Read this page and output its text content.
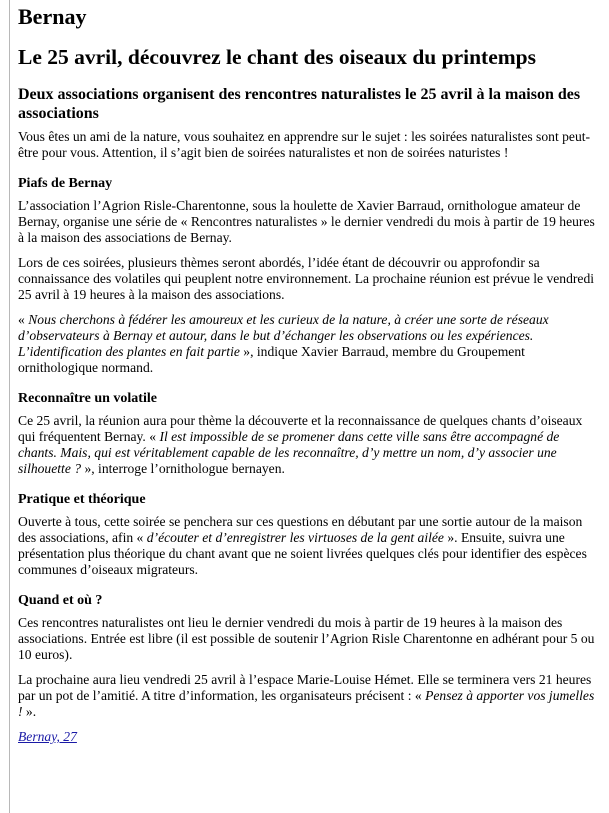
Bernay
Le 25 avril, découvrez le chant des oiseaux du printemps
Deux associations organisent des rencontres naturalistes le 25 avril à la maison des associations

Vous êtes un ami de la nature, vous souhaitez en apprendre sur le sujet : les soirées naturalistes sont peut-être pour vous. Attention, il s’agit bien de soirées naturalistes et non de soirées naturistes !

Piafs de Bernay

L’association l’Agrion Risle-Charentonne, sous la houlette de Xavier Barraud, ornithologue amateur de Bernay, organise une série de « Rencontres naturalistes » le dernier vendredi du mois à partir de 19 heures à la maison des associations de Bernay.

Lors de ces soirées, plusieurs thèmes seront abordés, l’idée étant de découvrir ou approfondir sa connaissance des volatiles qui peuplent notre environnement. La prochaine réunion est prévue le vendredi 25 avril à 19 heures à la maison des associations.

« Nous cherchons à fédérer les amoureux et les curieux de la nature, à créer une sorte de réseaux d’observateurs à Bernay et autour, dans le but d’échanger les observations ou les expériences. L’identification des plantes en fait partie », indique Xavier Barraud, membre du Groupement ornithologique normand.

Reconnaître un volatile

Ce 25 avril, la réunion aura pour thème la découverte et la reconnaissance de quelques chants d’oiseaux qui fréquentent Bernay. « Il est impossible de se promener dans cette ville sans être accompagné de chants. Mais, qui est véritablement capable de les reconnaître, d’y mettre un nom, d’y associer une silhouette ? », interroge l’ornithologue bernayen.

Pratique et théorique

Ouverte à tous, cette soirée se penchera sur ces questions en débutant par une sortie autour de la maison des associations, afin « d’écouter et d’enregistrer les virtuoses de la gent ailée ». Ensuite, suivra une présentation plus théorique du chant avant que ne soient livrées quelques clés pour identifier des espèces communes d’oiseaux migrateurs.

Quand et où ?

Ces rencontres naturalistes ont lieu le dernier vendredi du mois à partir de 19 heures à la maison des associations. Entrée est libre (il est possible de soutenir l’Agrion Risle Charentonne en adhérant pour 5 ou 10 euros).

La prochaine aura lieu vendredi 25 avril à l’espace Marie-Louise Hémet. Elle se terminera vers 21 heures par un pot de l’amitié. A titre d’information, les organisateurs précisent : « Pensez à apporter vos jumelles ! ».

Bernay, 27
